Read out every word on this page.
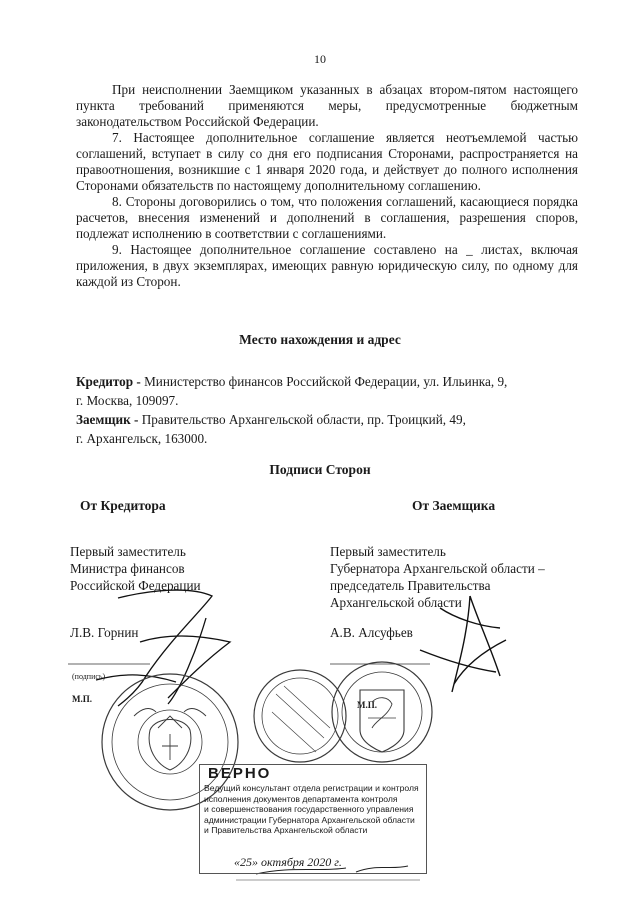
10

При неисполнении Заемщиком указанных в абзацах втором-пятом настоящего пункта требований применяются меры, предусмотренные бюджетным законодательством Российской Федерации.

7. Настоящее дополнительное соглашение является неотъемлемой частью соглашений, вступает в силу со дня его подписания Сторонами, распространяется на правоотношения, возникшие с 1 января 2020 года, и действует до полного исполнения Сторонами обязательств по настоящему дополнительному соглашению.

8. Стороны договорились о том, что положения соглашений, касающиеся порядка расчетов, внесения изменений и дополнений в соглашения, разрешения споров, подлежат исполнению в соответствии с соглашениями.

9. Настоящее дополнительное соглашение составлено на _ листах, включая приложения, в двух экземплярах, имеющих равную юридическую силу, по одному для каждой из Сторон.

Место нахождения и адрес
Кредитор - Министерство финансов Российской Федерации, ул. Ильинка, 9,
г. Москва, 109097.
Заемщик - Правительство Архангельской области, пр. Троицкий, 49,
г. Архангельск, 163000.
Подписи Сторон
От Кредитора	От Заемщика
Первый заместитель
Министра финансов
Российской Федерации
Первый заместитель
Губернатора Архангельской области –
председатель Правительства
Архангельской области
Л.В. Горнин	А.В. Алсуфьев
(подпись)
М.П.
М.П.
ВЕРНО
Ведущий консультант отдела регистрации и контроля
исполнения документов департамента контроля
и совершенствования государственного управления
администрации Губернатора Архангельской области
и Правительства Архангельской области
«25» октября 2020 г.
